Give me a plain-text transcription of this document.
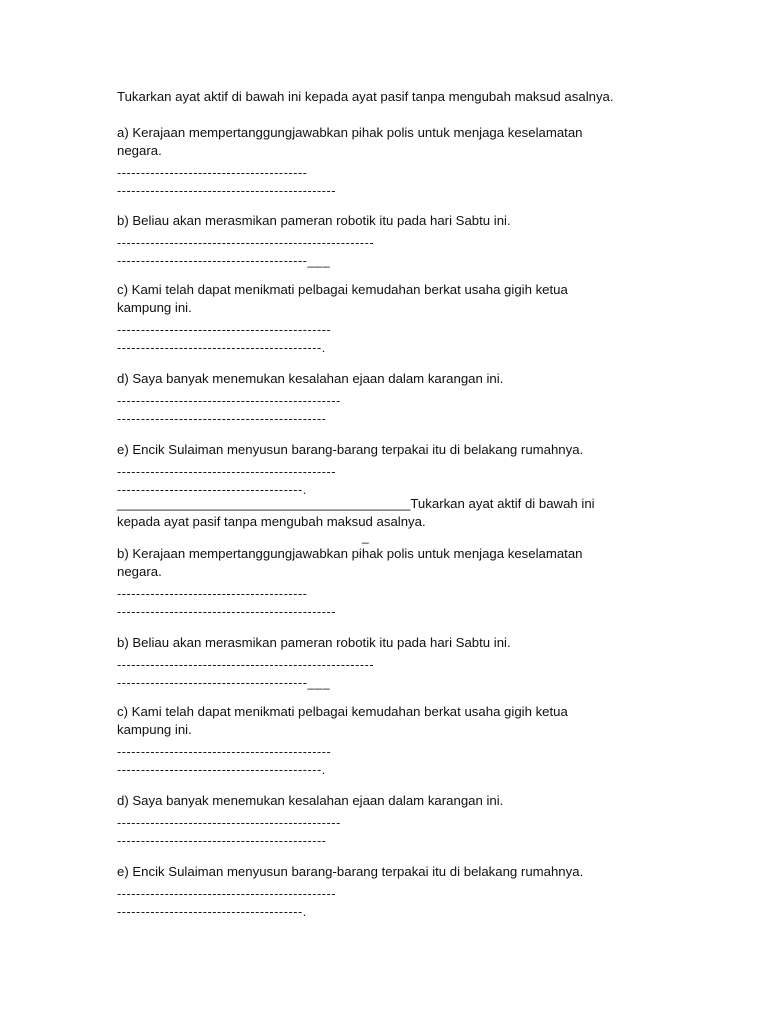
Tukarkan ayat aktif di bawah ini kepada ayat pasif tanpa mengubah maksud asalnya.

a) Kerajaan mempertanggungjawabkan pihak polis untuk menjaga keselamatan

negara.

----------------------------------------

----------------------------------------------

b) Beliau akan merasmikan pameran robotik itu pada hari Sabtu ini.

------------------------------------------------------

----------------------------------------___

c) Kami telah dapat menikmati pelbagai kemudahan berkat usaha gigih ketua

kampung ini.

---------------------------------------------

-------------------------------------------.

d) Saya banyak menemukan kesalahan ejaan dalam karangan ini.

-----------------------------------------------

--------------------------------------------

e) Encik Sulaiman menyusun barang-barang terpakai itu di belakang rumahnya.

----------------------------------------------

---------------------------------------.

________________________________________Tukarkan ayat aktif di bawah ini

kepada ayat pasif tanpa mengubah maksud asalnya.

_

b) Kerajaan mempertanggungjawabkan pihak polis untuk menjaga keselamatan

negara.

----------------------------------------

----------------------------------------------

b) Beliau akan merasmikan pameran robotik itu pada hari Sabtu ini.

------------------------------------------------------

----------------------------------------___

c) Kami telah dapat menikmati pelbagai kemudahan berkat usaha gigih ketua

kampung ini.

---------------------------------------------

-------------------------------------------.

d) Saya banyak menemukan kesalahan ejaan dalam karangan ini.

-----------------------------------------------

--------------------------------------------

e) Encik Sulaiman menyusun barang-barang terpakai itu di belakang rumahnya.

----------------------------------------------

---------------------------------------.
